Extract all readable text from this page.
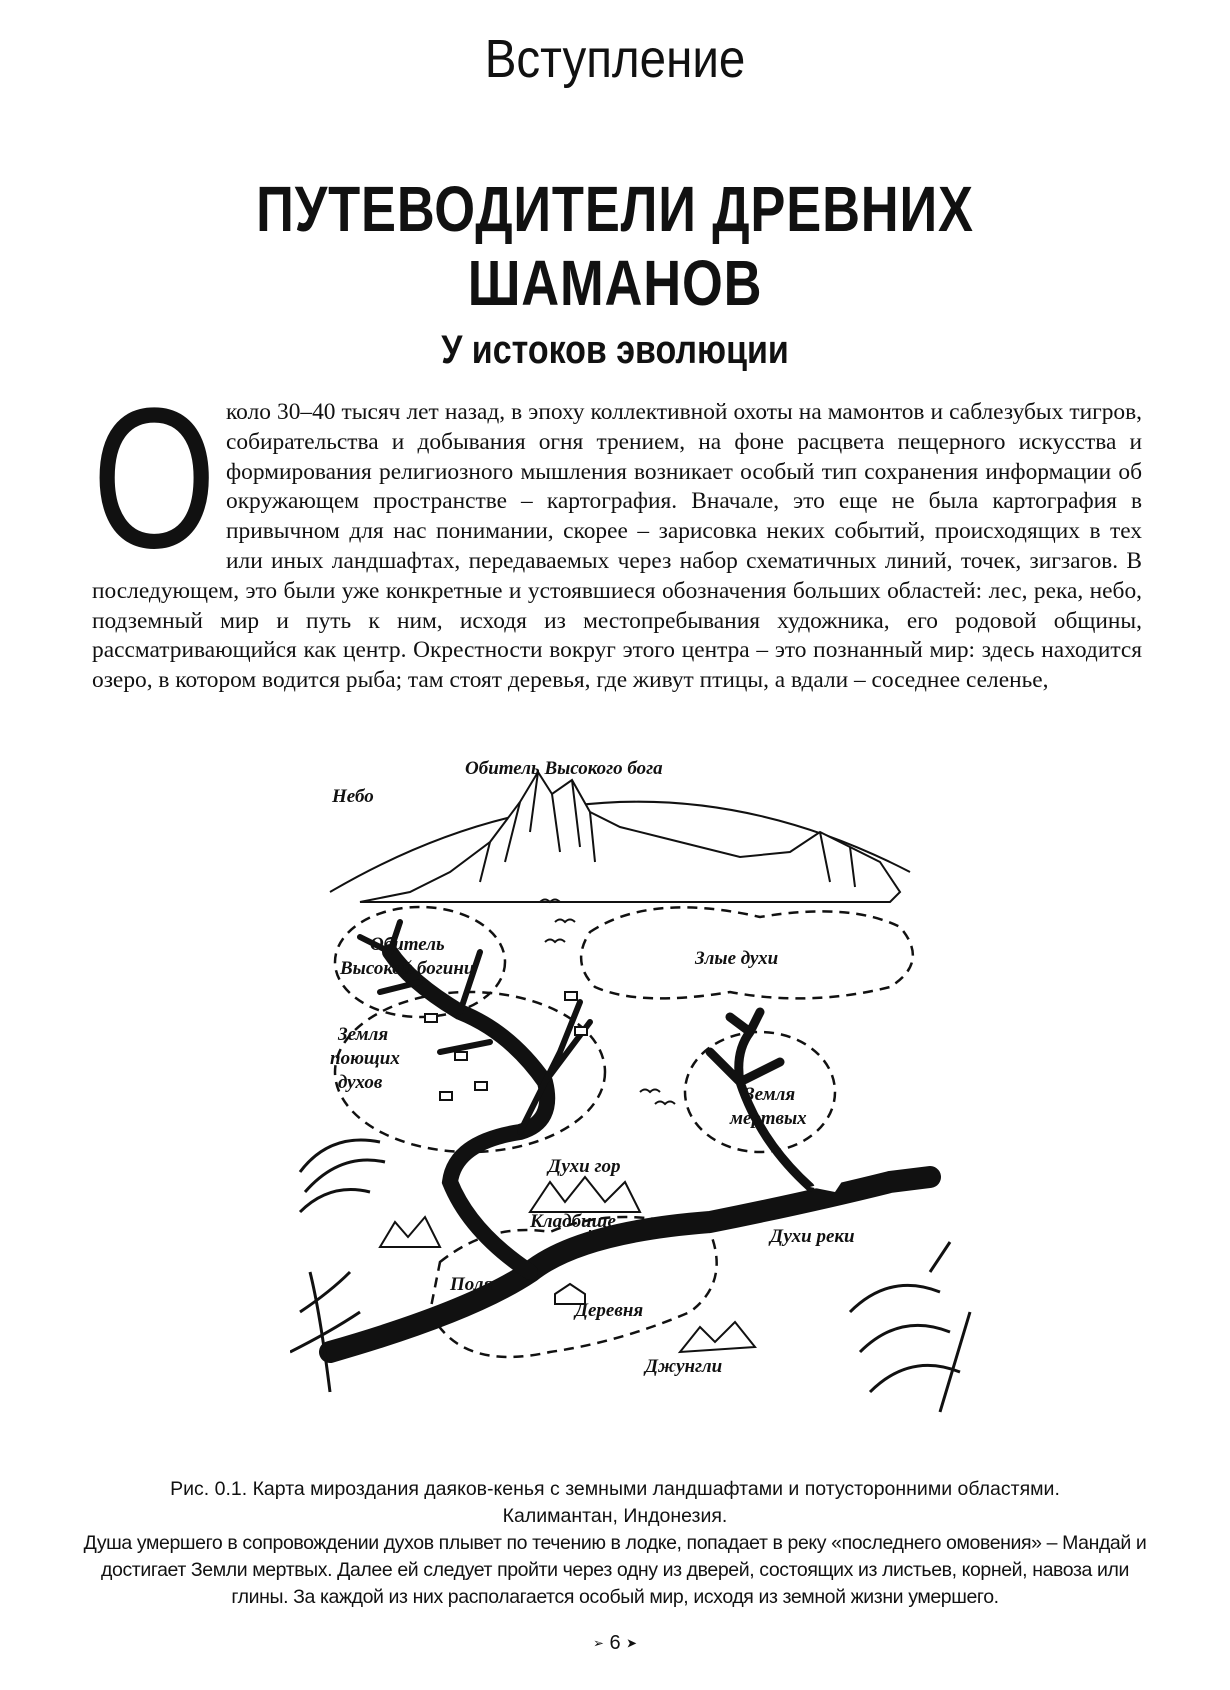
Вступление
ПУТЕВОДИТЕЛИ ДРЕВНИХ ШАМАНОВ
У истоков эволюции
Около 30–40 тысяч лет назад, в эпоху коллективной охоты на мамонтов и саблезубых тигров, собирательства и добывания огня трением, на фоне расцвета пещерного искусства и формирования религиозного мышления возникает особый тип сохранения информации об окружающем пространстве – картография. Вначале, это еще не была картография в привычном для нас понимании, скорее – зарисовка неких событий, происходящих в тех или иных ландшафтах, передаваемых через набор схематичных линий, точек, зигзагов. В последующем, это были уже конкретные и устоявшиеся обозначения больших областей: лес, река, небо, подземный мир и путь к ним, исходя из местопребывания художника, его родовой общины, рассматривающийся как центр. Окрестности вокруг этого центра – это познанный мир: здесь находится озеро, в котором водится рыба; там стоят деревья, где живут птицы, а вдали – соседнее селенье,
Небо
Обитель Высокого бога
Обитель
Высокой богини	Злые духи
Земля
поющих
духов
Земля
мертвых
Духи гор
Кладбище
Духи реки
Поля
Деревня
Джунгли
Рис. 0.1. Карта мироздания даяков-кенья с земными ландшафтами и потусторонними областями.
Калимантан, Индонезия.
Душа умершего в сопровождении духов плывет по течению в лодке, попадает в реку «последнего омовения» – Мандай и достигает Земли мертвых. Далее ей следует пройти через одну из дверей, состоящих из листьев, корней, навоза или глины. За каждой из них располагается особый мир, исходя из земной жизни умершего.
➢ 6 ➤
